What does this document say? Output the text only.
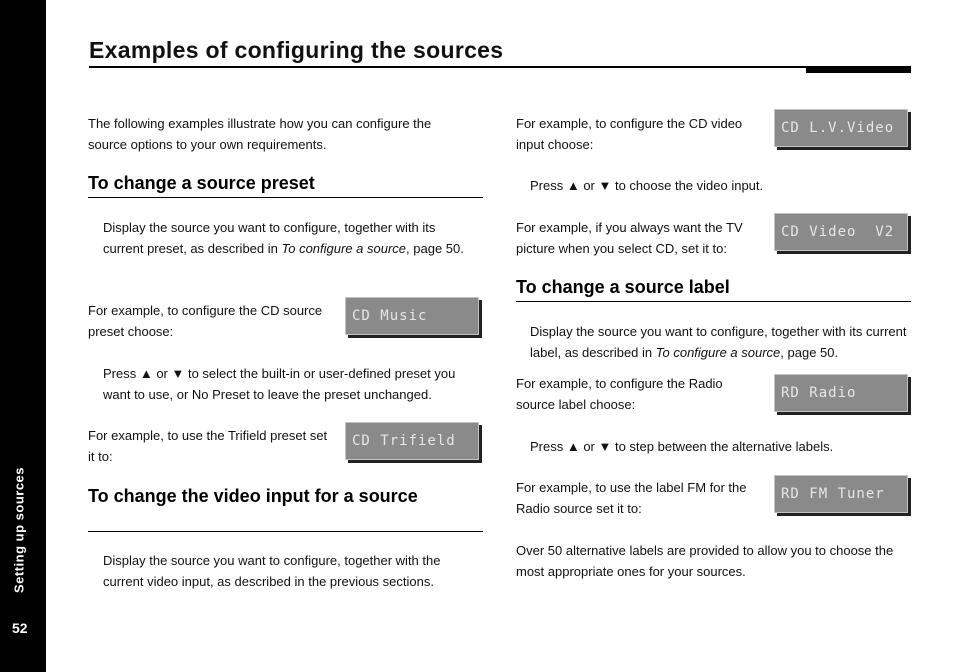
Setting up sources
52
Examples of configuring the sources

The following examples illustrate how you can configure the source options to your own requirements.

To change a source preset

Display the source you want to configure, together with its current preset, as described in To configure a source, page 50.

For example, to configure the CD source preset choose:

CD Music

Press ▲ or ▼ to select the built-in or user-defined preset you want to use, or No Preset to leave the preset unchanged.

For example, to use the Trifield preset set it to:

CD Trifield
To change the video input for a source

Display the source you want to configure, together with the current video input, as described in the previous sections.

For example, to configure the CD video input choose:

CD L.V.Video

Press ▲ or ▼ to choose the video input.

For example, if you always want the TV picture when you select CD, set it to:

CD Video  V2
To change a source label

Display the source you want to configure, together with its current label, as described in To configure a source, page 50.

For example, to configure the Radio source label choose:

RD Radio

Press ▲ or ▼ to step between the alternative labels.

For example, to use the label FM for the Radio source set it to:

RD FM Tuner

Over 50 alternative labels are provided to allow you to choose the most appropriate ones for your sources.
